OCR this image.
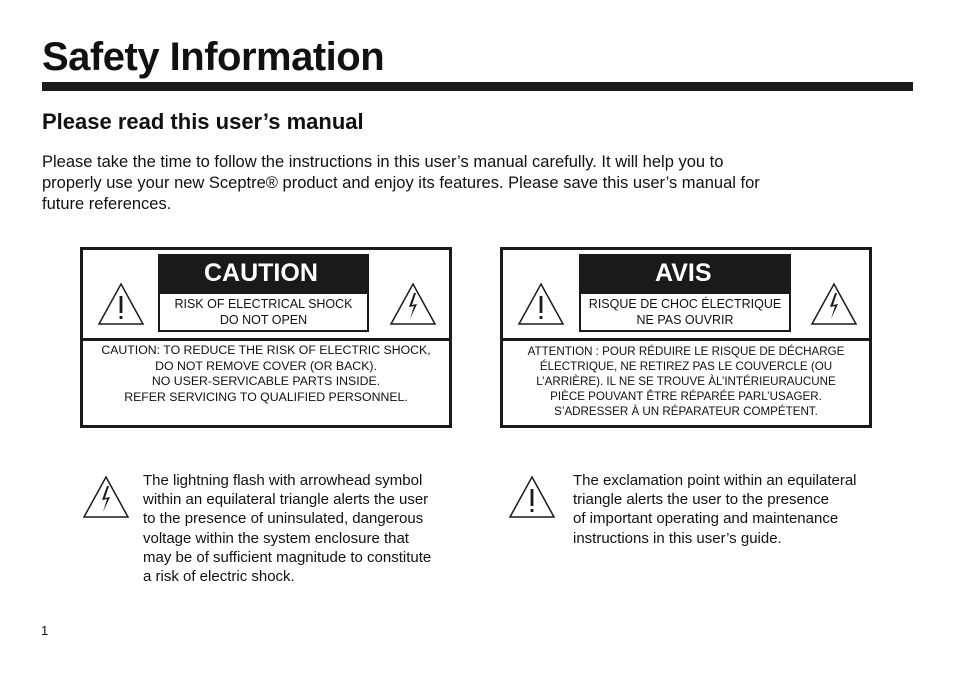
Safety Information
Please read this user’s manual
Please take the time to follow the instructions in this user’s manual carefully. It will help you to
properly use your new Sceptre® product and enjoy its features. Please save this user’s manual for
future references.
CAUTION
RISK OF ELECTRICAL SHOCK
DO NOT OPEN
CAUTION: TO REDUCE THE RISK OF ELECTRIC SHOCK,
DO NOT REMOVE COVER (OR BACK).
NO USER-SERVICABLE PARTS INSIDE.
REFER SERVICING TO QUALIFIED PERSONNEL.
AVIS
RISQUE DE CHOC ÉLECTRIQUE
NE PAS OUVRIR
ATTENTION : POUR RÉDUIRE LE RISQUE DE DÉCHARGE
ÉLECTRIQUE, NE RETIREZ PAS LE COUVERCLE (OU
L’ARRIÈRE). IL NE SE TROUVE ÀL’INTÉRIEURAUCUNE
PIÈCE POUVANT ÊTRE RÉPARÉE PARL’USAGER.
S’ADRESSER À UN RÉPARATEUR COMPÉTENT.
The lightning flash with arrowhead symbol
within an equilateral triangle alerts the user
to the presence of uninsulated, dangerous
voltage within the system enclosure that
may be of sufficient magnitude to constitute
a risk of electric shock.
The exclamation point within an equilateral
triangle alerts the user to the presence
of important operating and maintenance
instructions in this user’s guide.
1
